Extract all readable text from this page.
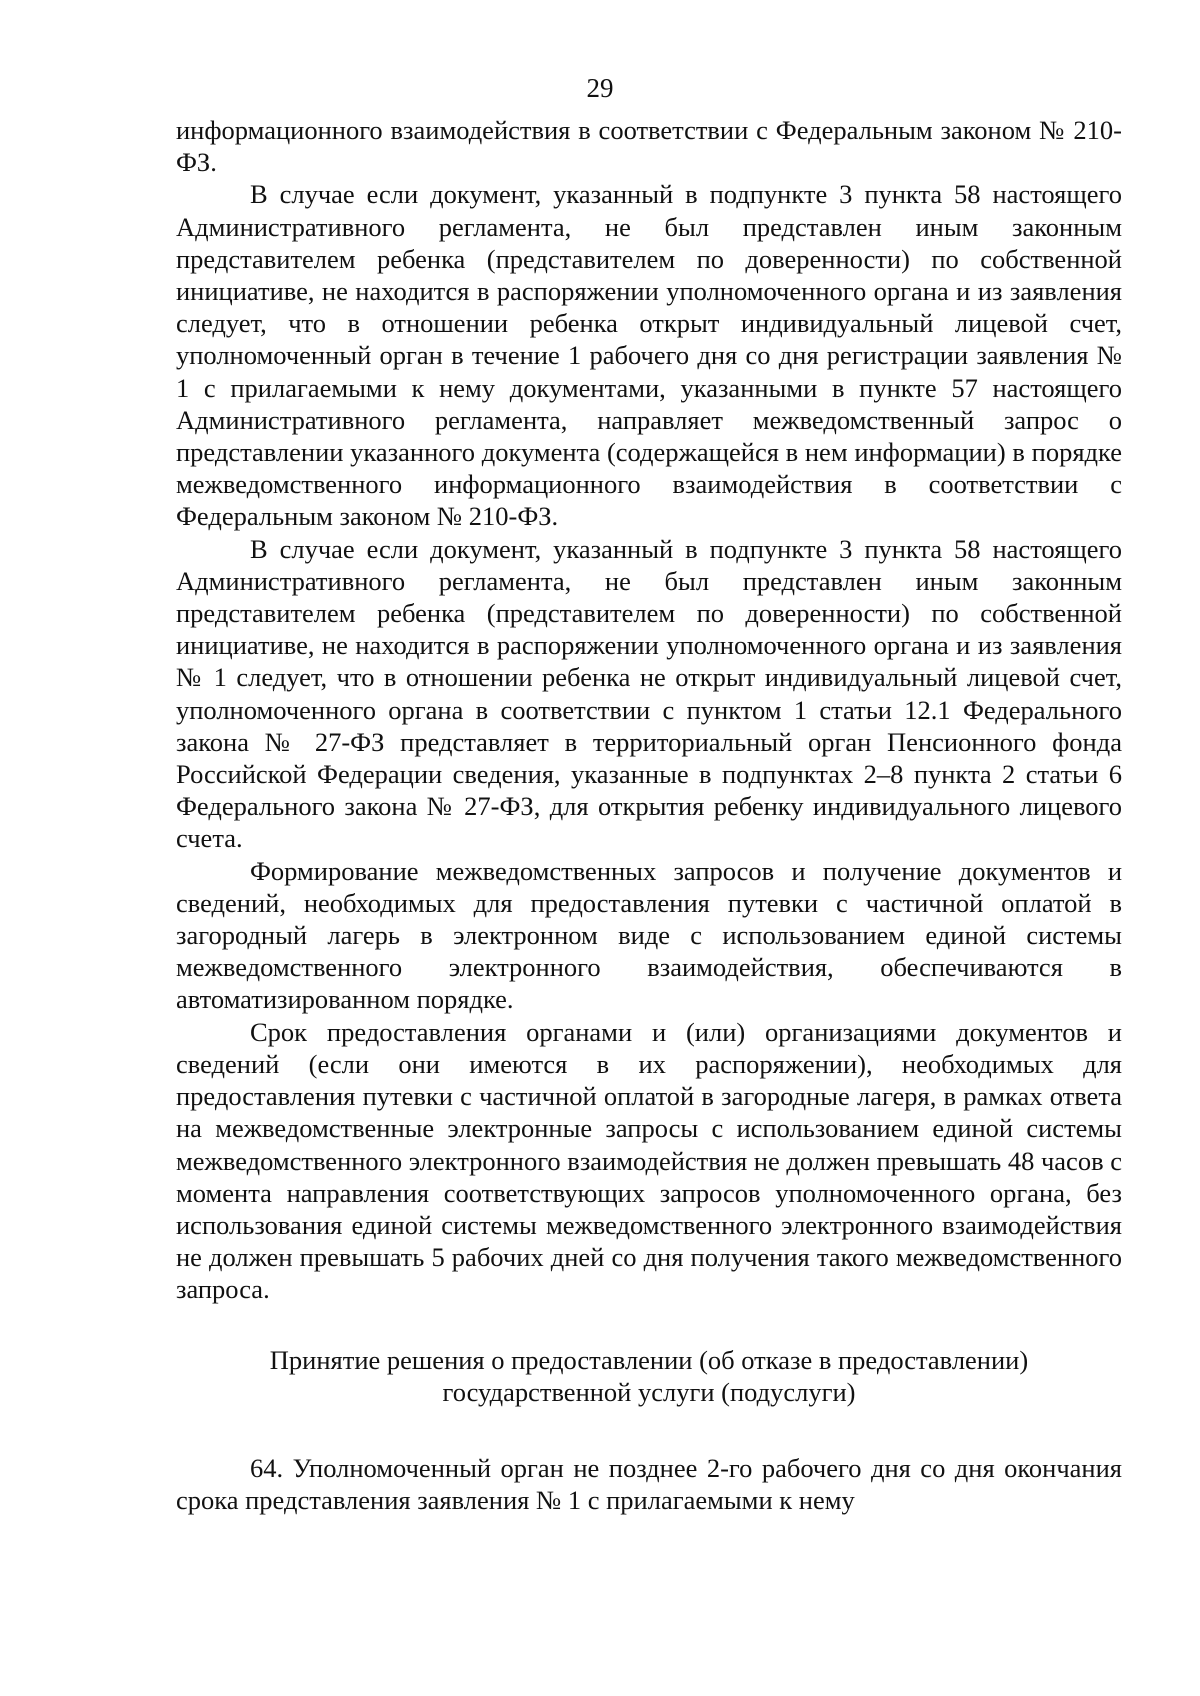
29

информационного взаимодействия в соответствии с Федеральным законом № 210-ФЗ.

В случае если документ, указанный в подпункте 3 пункта 58 настоящего Административного регламента, не был представлен иным законным представителем ребенка (представителем по доверенности) по собственной инициативе, не находится в распоряжении уполномоченного органа и из заявления следует, что в отношении ребенка открыт индивидуальный лицевой счет, уполномоченный орган в течение 1 рабочего дня со дня регистрации заявления № 1 с прилагаемыми к нему документами, указанными в пункте 57 настоящего Административного регламента, направляет межведомственный запрос о представлении указанного документа (содержащейся в нем информации) в порядке межведомственного информационного взаимодействия в соответствии с Федеральным законом № 210-ФЗ.

В случае если документ, указанный в подпункте 3 пункта 58 настоящего Административного регламента, не был представлен иным законным представителем ребенка (представителем по доверенности) по собственной инициативе, не находится в распоряжении уполномоченного органа и из заявления № 1 следует, что в отношении ребенка не открыт индивидуальный лицевой счет, уполномоченного органа в соответствии с пунктом 1 статьи 12.1 Федерального закона № 27-ФЗ представляет в территориальный орган Пенсионного фонда Российской Федерации сведения, указанные в подпунктах 2–8 пункта 2 статьи 6 Федерального закона № 27-ФЗ, для открытия ребенку индивидуального лицевого счета.

Формирование межведомственных запросов и получение документов и сведений, необходимых для предоставления путевки с частичной оплатой в загородный лагерь в электронном виде с использованием единой системы межведомственного электронного взаимодействия, обеспечиваются в автоматизированном порядке.

Срок предоставления органами и (или) организациями документов и сведений (если они имеются в их распоряжении), необходимых для предоставления путевки с частичной оплатой в загородные лагеря, в рамках ответа на межведомственные электронные запросы с использованием единой системы межведомственного электронного взаимодействия не должен превышать 48 часов с момента направления соответствующих запросов уполномоченного органа, без использования единой системы межведомственного электронного взаимодействия не должен превышать 5 рабочих дней со дня получения такого межведомственного запроса.

Принятие решения о предоставлении (об отказе в предоставлении)
государственной услуги (подуслуги)

64. Уполномоченный орган не позднее 2-го рабочего дня со дня окончания срока представления заявления № 1 с прилагаемыми к нему
